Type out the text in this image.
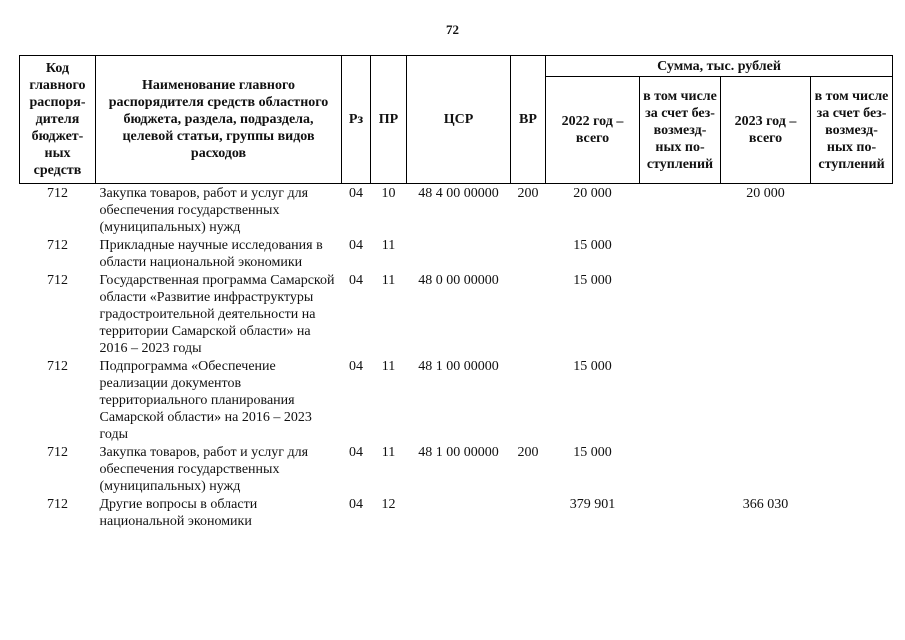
72
Код главного распоря-дителя бюджет-ных средств	Наименование главного распорядителя средств областного бюджета, раздела, подраздела, целевой статьи, группы видов расходов	Рз	ПР	ЦСР	ВР	Сумма, тыс. рублей			
						2022 год – всего	в том числе за счет без-возмезд-ных по-ступлений	2023 год – всего	в том числе за счет без-возмезд-ных по-ступлений
712	Закупка товаров, работ и услуг для обеспечения государственных (муниципальных) нужд	04	10	48 4 00 00000	200	20 000		20 000	
712	Прикладные научные исследования в области национальной экономики	04	11			15 000			
712	Государственная программа Самарской области «Развитие инфраструктуры градостроительной деятельности на территории Самарской области» на 2016 – 2023 годы	04	11	48 0 00 00000		15 000			
712	Подпрограмма «Обеспечение реализации документов территориального планирования Самарской области» на 2016 – 2023 годы	04	11	48 1 00 00000		15 000			
712	Закупка товаров, работ и услуг для обеспечения государственных (муниципальных) нужд	04	11	48 1 00 00000	200	15 000			
712	Другие вопросы в области национальной экономики	04	12			379 901		366 030	
